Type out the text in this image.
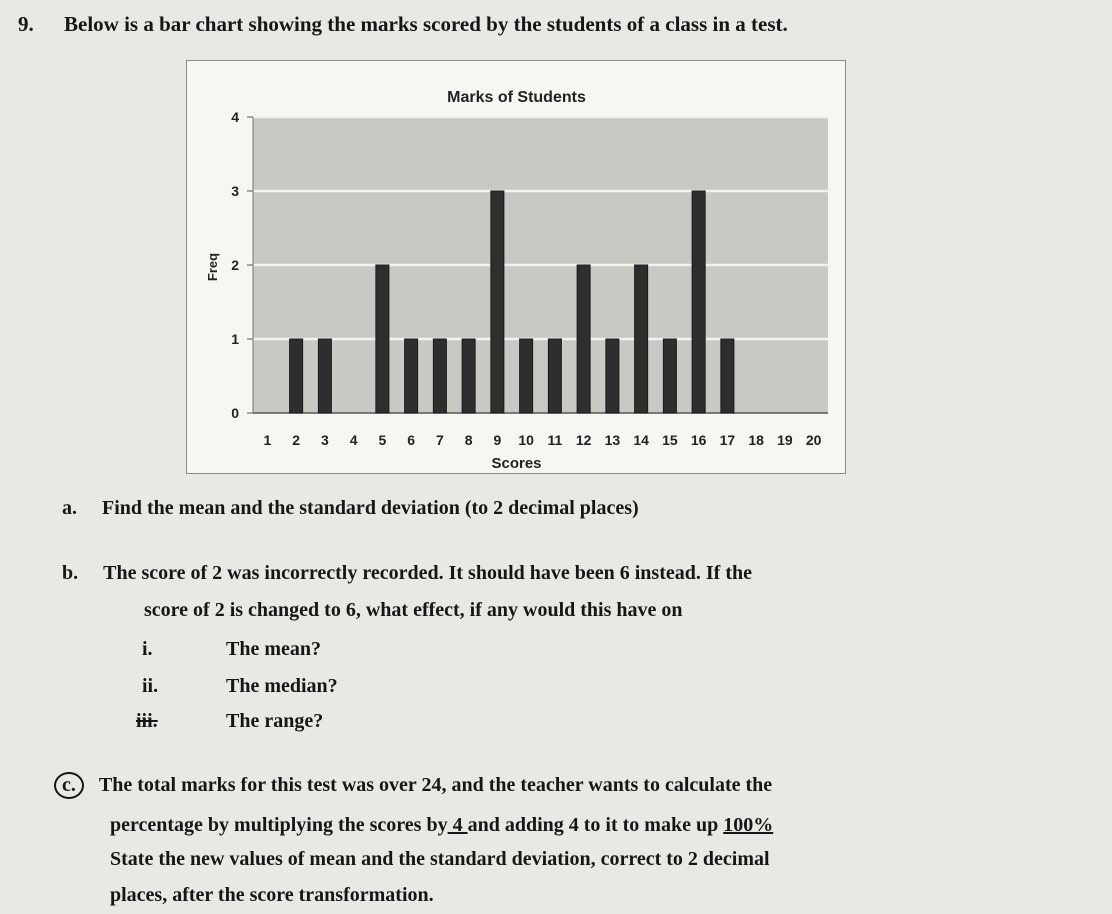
9. Below is a bar chart showing the marks scored by the students of a class in a test.
0
1
2
3
4
1 2 3 4 5 6 7 8 9 10 11 12 13 14 15 16 17 18 19 20
Marks of Students
Scores
Freq
a. Find the mean and the standard deviation (to 2 decimal places)
b. The score of 2 was incorrectly recorded. It should have been 6 instead. If the
score of 2 is changed to 6, what effect, if any would this have on
i.	The mean?
ii.	The median?
iii.	The range?
c. The total marks for this test was over 24, and the teacher wants to calculate the
percentage by multiplying the scores by 4 and adding 4 to it to make up 100%
State the new values of mean and the standard deviation, correct to 2 decimal
places, after the score transformation.
